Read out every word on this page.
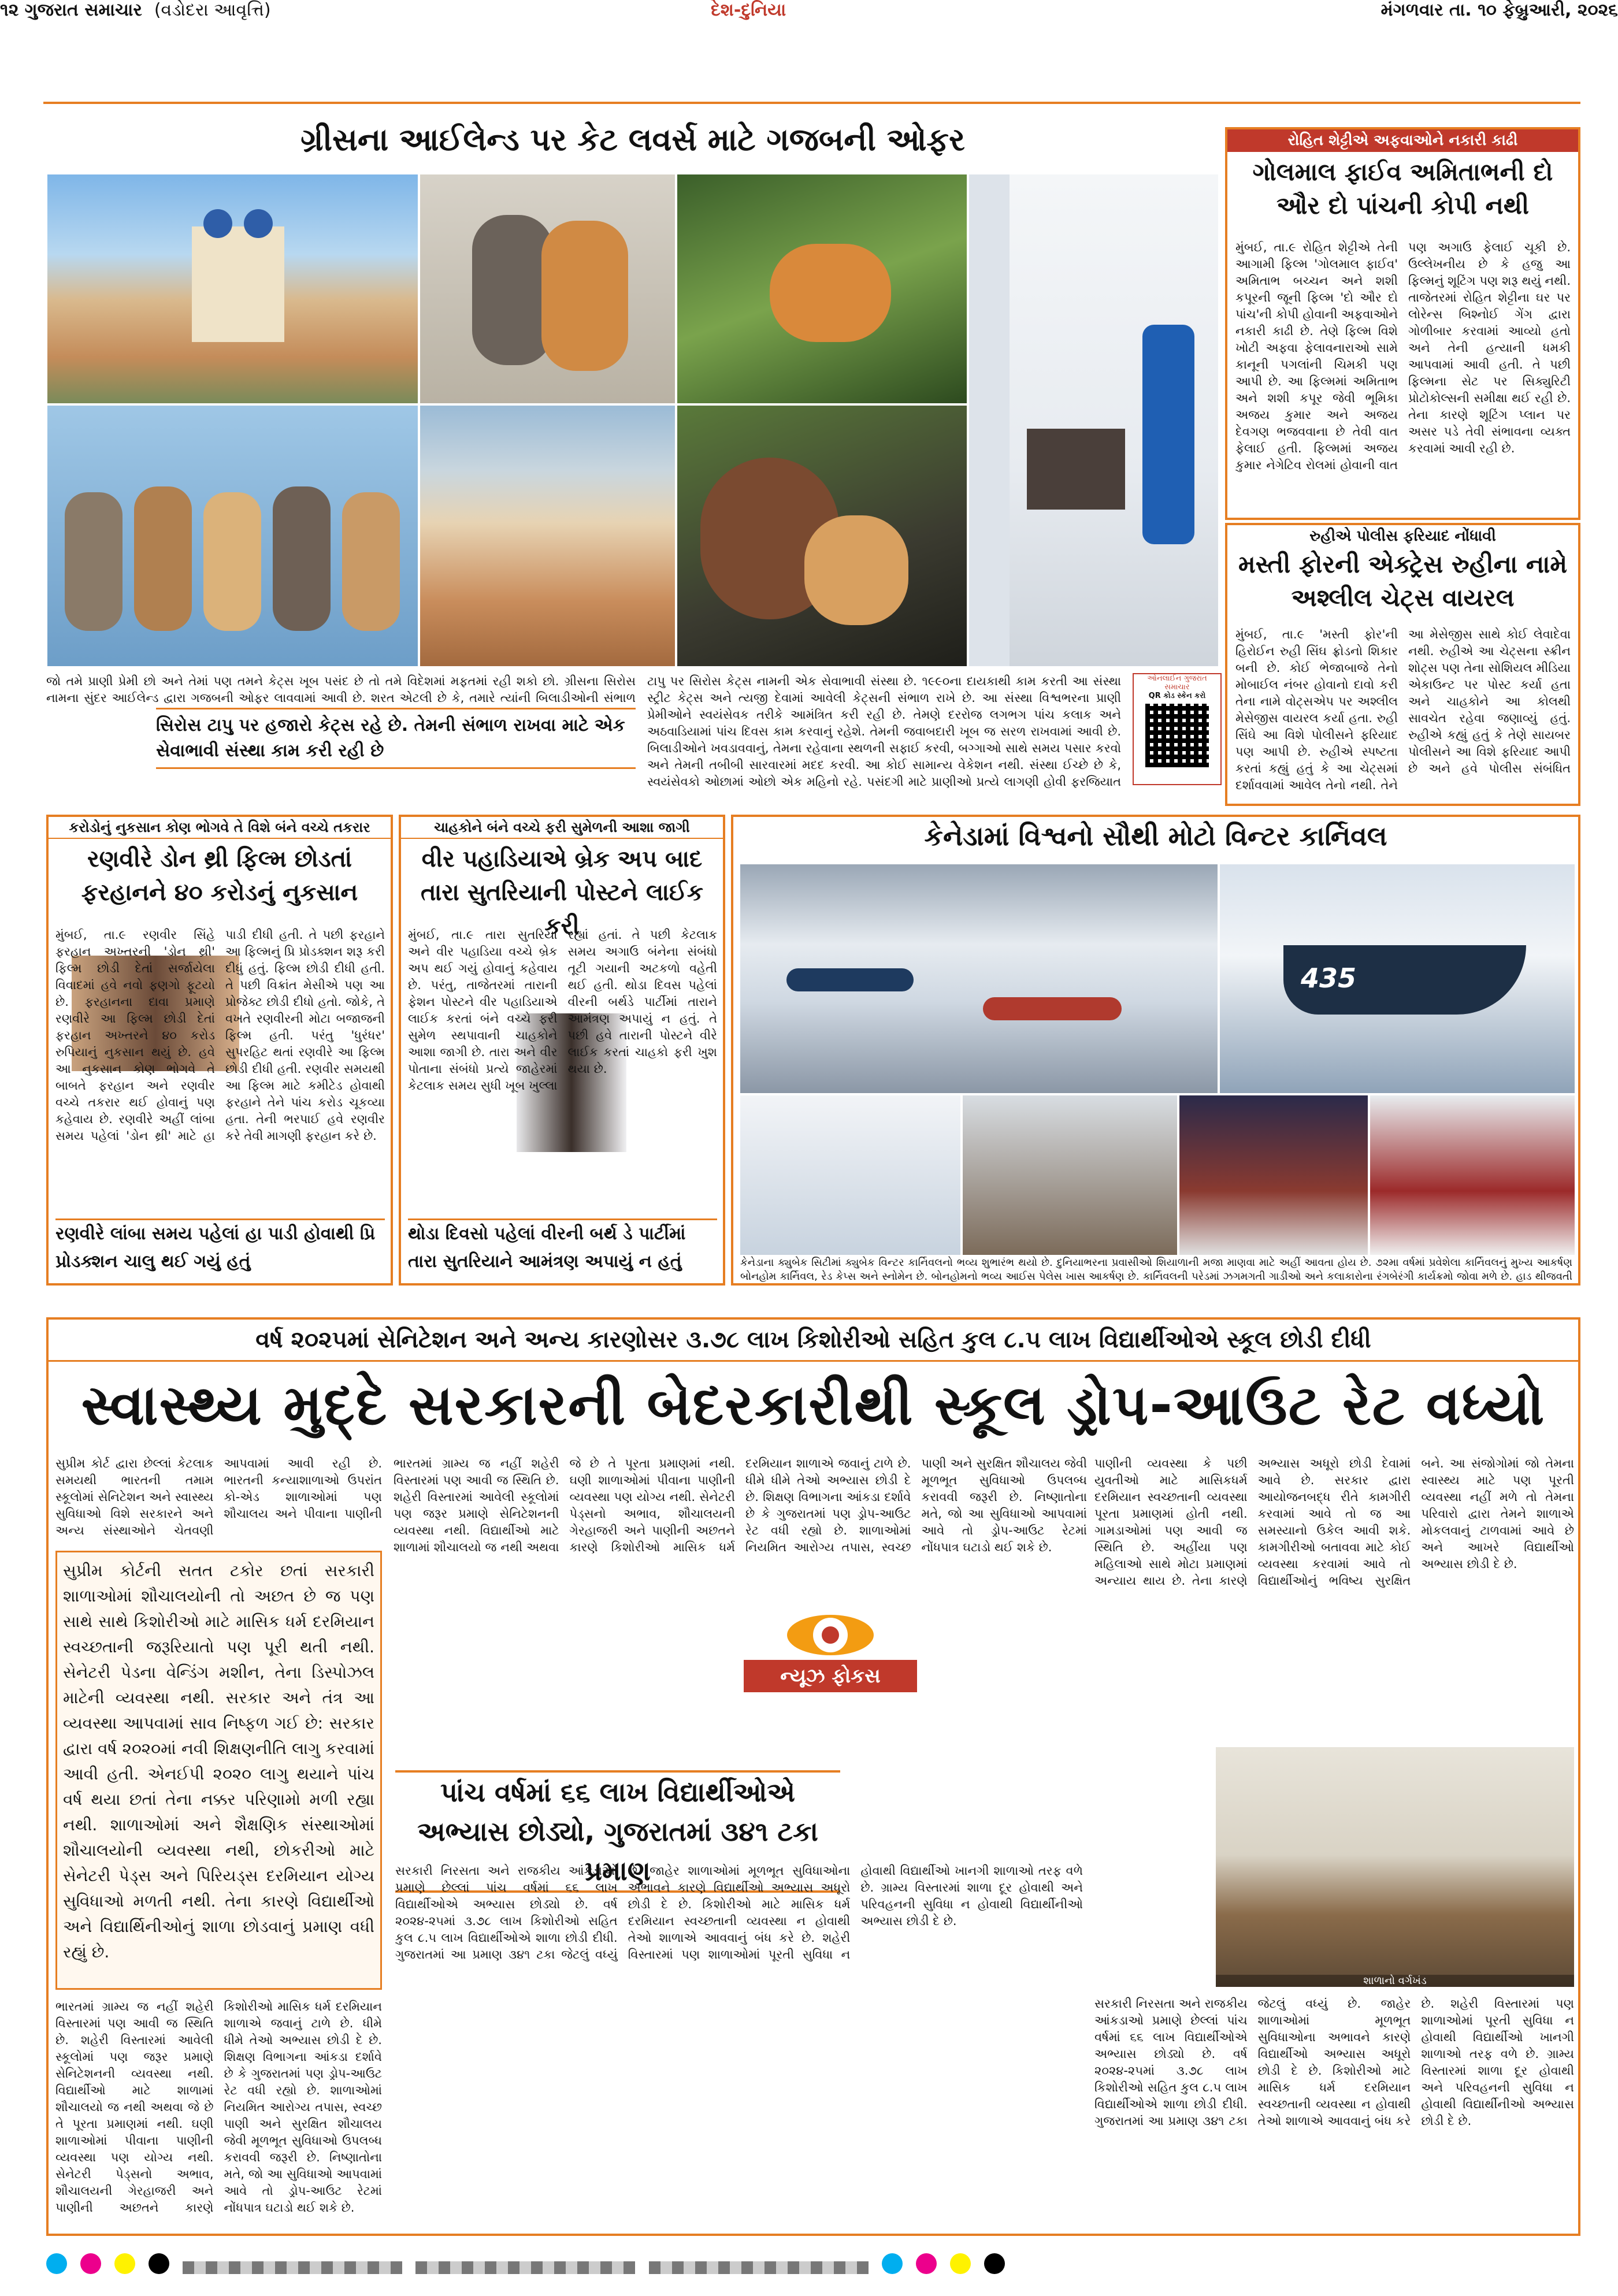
૧૨ ગુજરાત સમાચાર (વડોદરા આવૃત્તિ)	દેશ-દુનિયા	મંગળવાર તા. ૧૦ ફેબ્રુઆરી, ૨૦૨૬
ગ્રીસના આઈલેન્ડ પર કેટ લવર્સ માટે ગજબની ઓફર
જો તમે પ્રાણી પ્રેમી છો અને તેમાં પણ તમને કેટ્સ ખૂબ પસંદ છે તો તમે વિદેશમાં મફતમાં રહી શકો છો. ગ્રીસના સિરોસ નામના સુંદર આઈલેન્ડ દ્વારા ગજબની ઓફર લાવવામાં આવી છે. શરત એટલી છે કે, તમારે ત્યાંની બિલાડીઓની સંભાળ
સિરોસ ટાપુ પર હજારો કેટ્સ રહે છે. તેમની સંભાળ રાખવા માટે એક સેવાભાવી સંસ્થા કામ કરી રહી છે
ટાપુ પર સિરોસ કેટ્સ નામની એક સેવાભાવી સંસ્થા છે. ૧૯૯૦ના દાયકાથી કામ કરતી આ સંસ્થા સ્ટ્રીટ કેટ્સ અને ત્યજી દેવામાં આવેલી કેટ્સની સંભાળ રાખે છે. આ સંસ્થા વિશ્વભરના પ્રાણી પ્રેમીઓને સ્વયંસેવક તરીકે આમંત્રિત કરી રહી છે. તેમણે દરરોજ લગભગ પાંચ કલાક અને અઠવાડિયામાં પાંચ દિવસ કામ કરવાનું રહેશે. તેમની જવાબદારી ખૂબ જ સરળ રાખવામાં આવી છે. બિલાડીઓને ખવડાવવાનું, તેમના રહેવાના સ્થળની સફાઈ કરવી, બગ્ગાઓ સાથે સમય પસાર કરવો અને તેમની તબીબી સારવારમાં મદદ કરવી. આ કોઈ સામાન્ય વેકેશન નથી. સંસ્થા ઈચ્છે છે કે, સ્વયંસેવકો ઓછામાં ઓછો એક મહિનો રહે. પસંદગી માટે પ્રાણીઓ પ્રત્યે લાગણી હોવી ફરજિયાત
ઓનલાઈન ગુજરાત સમાચાર
QR કોડ સ્કેન કરો
રોહિત શેટ્ટીએ અફવાઓને નકારી કાઢી
ગોલમાલ ફાઈવ અમિતાભની દો ઔર દો પાંચની કોપી નથી
મુંબઈ, તા.૯ રોહિત શેટ્ટીએ તેની આગામી ફિલ્મ 'ગોલમાલ ફાઈવ' અમિતાભ બચ્ચન અને શશી કપૂરની જૂની ફિલ્મ 'દો ઔર દો પાંચ'ની કોપી હોવાની અફવાઓને નકારી કાઢી છે. તેણે ફિલ્મ વિશે ખોટી અફવા ફેલાવનારાઓ સામે કાનૂની પગલાંની ચિમકી પણ આપી છે. આ ફિલ્મમાં અમિતાભ અને શશી કપૂર જેવી ભૂમિકા અજય કુમાર અને અજય દેવગણ ભજવવાના છે તેવી વાત ફેલાઈ હતી. ફિલ્મમાં અજય કુમાર નેગેટિવ રોલમાં હોવાની વાત પણ અગાઉ ફેલાઈ ચૂકી છે. ઉલ્લેખનીય છે કે હજુ આ ફિલ્મનું શૂટિંગ પણ શરૂ થયું નથી. તાજેતરમાં રોહિત શેટ્ટીના ઘર પર લોરેન્સ બિશ્નોઈ ગેંગ દ્વારા ગોળીબાર કરવામાં આવ્યો હતો અને તેની હત્યાની ધમકી આપવામાં આવી હતી. તે પછી ફિલ્મના સેટ પર સિક્યુરિટી પ્રોટોકોલ્સની સમીક્ષા થઈ રહી છે. તેના કારણે શૂટિંગ પ્લાન પર અસર પડે તેવી સંભાવના વ્યક્ત કરવામાં આવી રહી છે.
રુહીએ પોલીસ ફરિયાદ નોંધાવી
મસ્તી ફોરની એક્ટ્રેસ રુહીના નામે અશ્લીલ ચેટ્સ વાયરલ
મુંબઈ, તા.૯ 'મસ્તી ફોર'ની હિરોઈન રુહી સિંઘ ફ્રોડનો શિકાર બની છે. કોઈ ભેજાબાજે તેનો મોબાઈલ નંબર હોવાનો દાવો કરી તેના નામે વોટ્સએપ પર અશ્લીલ મેસેજીસ વાયરલ કર્યા હતા. રુહી સિંઘે આ વિશે પોલીસને ફરિયાદ પણ આપી છે. રુહીએ સ્પષ્ટતા કરતાં કહ્યું હતું કે આ ચેટ્સમાં દર્શાવવામાં આવેલ તેનો નથી. તેને આ મેસેજીસ સાથે કોઈ લેવાદેવા નથી. રુહીએ આ ચેટ્સના સ્ક્રીન શોટ્સ પણ તેના સોશિયલ મીડિયા એકાઉન્ટ પર પોસ્ટ કર્યા હતા અને ચાહકોને આ કોલથી સાવચેત રહેવા જણાવ્યું હતું. રુહીએ કહ્યું હતું કે તેણે સાયબર પોલીસને આ વિશે ફરિયાદ આપી છે અને હવે પોલીસ સંબંધિત
કરોડોનું નુકસાન કોણ ભોગવે તે વિશે બંને વચ્ચે તકરાર
રણવીરે ડોન થ્રી ફિલ્મ છોડતાં ફરહાનને ૪૦ કરોડનું નુકસાન
મુંબઈ, તા.૯ રણવીર સિંહે ફરહાન અખ્તરની 'ડોન થ્રી' ફિલ્મ છોડી દેતાં સર્જાયેલા વિવાદમાં હવે નવો ફણગો ફૂટયો છે. ફરહાનના દાવા પ્રમાણે રણવીરે આ ફિલ્મ છોડી દેતાં ફરહાન અખ્તરને ૪૦ કરોડ રુપિયાનું નુકસાન થયું છે. હવે આ નુકસાન કોણ ભોગવે તે બાબતે ફરહાન અને રણવીર વચ્ચે તકરાર થઈ હોવાનું પણ કહેવાય છે. રણવીરે અહીં લાંબા સમય પહેલાં 'ડોન થ્રી' માટે હા પાડી દીધી હતી. તે પછી ફરહાને આ ફિલ્મનું પ્રિ પ્રોડક્શન શરૂ કરી દીધું હતું. ફિલ્મ છોડી દીધી હતી. તે પછી વિક્રાંત મેસીએ પણ આ પ્રોજેક્ટ છોડી દીધો હતો. જોકે, તે વખતે રણવીરની મોટા બજાજની ફિલ્મ હતી. પરંતુ 'ધુરંધર' સુપરહિટ થતાં રણવીરે આ ફિલ્મ છોડી દીધી હતી. રણવીર સમયથી આ ફિલ્મ માટે કમીટેડ હોવાથી ફરહાને તેને પાંચ કરોડ ચૂકવ્યા હતા. તેની ભરપાઈ હવે રણવીર કરે તેવી માગણી ફરહાન કરે છે.
રણવીરે લાંબા સમય પહેલાં હા પાડી હોવાથી પ્રિ પ્રોડક્શન ચાલુ થઈ ગયું હતું
ચાહકોને બંને વચ્ચે ફરી સુમેળની આશા જાગી
વીર પહાડિયાએ બ્રેક અપ બાદ તારા સુતરિયાની પોસ્ટને લાઈક કરી
મુંબઈ, તા.૯ તારા સુતરિયા અને વીર પહાડિયા વચ્ચે બ્રેક અપ થઈ ગયું હોવાનું કહેવાય છે. પરંતુ, તાજેતરમાં તારાની ફેશન પોસ્ટને વીર પહાડિયાએ લાઈક કરતાં બંને વચ્ચે ફરી સુમેળ સ્થપાવાની ચાહકોને આશા જાગી છે. તારા અને વીર પોતાના સંબંધો પ્રત્યે જાહેરમાં કેટલાક સમય સુધી ખૂબ ખુલ્લા રહ્યાં હતાં. તે પછી કેટલાક સમય અગાઉ બંનેના સંબંધો તૂટી ગયાની અટકળો વહેતી થઈ હતી. થોડા દિવસ પહેલાં વીરની બર્થડે પાર્ટીમાં તારાને આમંત્રણ અપાયું ન હતું. તે પછી હવે તારાની પોસ્ટને વીરે લાઈક કરતાં ચાહકો ફરી ખુશ થયા છે.
થોડા દિવસો પહેલાં વીરની બર્થ ડે પાર્ટીમાં તારા સુતરિયાને આમંત્રણ અપાયું ન હતું
કેનેડામાં વિશ્વનો સૌથી મોટો વિન્ટર કાર્નિવલ
435
કેનેડાના ક્યુબેક સિટીમાં ક્યુબેક વિન્ટર કાર્નિવલનો ભવ્ય શુભારંભ થયો છે. દુનિયાભરના પ્રવાસીઓ શિયાળાની મજા માણવા માટે અહીં આવતા હોય છે. ૭૨મા વર્ષમાં પ્રવેશેલા કાર્નિવલનું મુખ્ય આકર્ષણ બોનહોમ કાર્નિવલ, રેડ કેપ્સ અને સ્નોમેન છે. બોનહોમનો ભવ્ય આઈસ પેલેસ ખાસ આકર્ષણ છે. કાર્નિવલની પરેડમાં ઝગમગતી ગાડીઓ અને કલાકારોના રંગબેરંગી કાર્યક્રમો જોવા મળે છે. હાડ થીજવતી
વર્ષ ૨૦૨૫માં સેનિટેશન અને અન્ય કારણોસર ૩.૭૮ લાખ કિશોરીઓ સહિત કુલ ૮.૫ લાખ વિદ્યાર્થીઓએ સ્કૂલ છોડી દીધી
સ્વાસ્થ્ય મુદ્દે સરકારની બેદરકારીથી સ્કૂલ ડ્રોપ-આઉટ રેટ વધ્યો
સુપ્રીમ કોર્ટ દ્વારા છેલ્લાં કેટલાક સમયથી ભારતની તમામ સ્કૂલોમાં સેનિટેશન અને સ્વાસ્થ્ય સુવિધાઓ વિશે સરકારને અને અન્ય સંસ્થાઓને ચેતવણી આપવામાં આવી રહી છે. ભારતની કન્યાશાળાઓ ઉપરાંત કો-એડ શાળાઓમાં પણ શૌચાલય અને પીવાના પાણીની
સુપ્રીમ કોર્ટની સતત ટકોર છતાં સરકારી શાળાઓમાં શૌચાલયોની તો અછત છે જ પણ સાથે સાથે કિશોરીઓ માટે માસિક ધર્મ દરમિયાન સ્વચ્છતાની જરૂરિયાતો પણ પૂરી થતી નથી. સેનેટરી પેડના વેન્ડિંગ મશીન, તેના ડિસ્પોઝલ માટેની વ્યવસ્થા નથી. સરકાર અને તંત્ર આ વ્યવસ્થા આપવામાં સાવ નિષ્ફળ ગઈ છે: સરકાર દ્વારા વર્ષ ૨૦૨૦માં નવી શિક્ષણનીતિ લાગુ કરવામાં આવી હતી. એનઈપી ૨૦૨૦ લાગુ થયાને પાંચ વર્ષ થયા છતાં તેના નક્કર પરિણામો મળી રહ્યા નથી. શાળાઓમાં અને શૈક્ષણિક સંસ્થાઓમાં શૌચાલયોની વ્યવસ્થા નથી, છોકરીઓ માટે સેનેટરી પેડ્સ અને પિરિયડ્સ દરમિયાન યોગ્ય સુવિધાઓ મળતી નથી. તેના કારણે વિદ્યાર્થીઓ અને વિદ્યાર્થિનીઓનું શાળા છોડવાનું પ્રમાણ વધી રહ્યું છે.
ભારતમાં ગ્રામ્ય જ નહીં શહેરી વિસ્તારમાં પણ આવી જ સ્થિતિ છે. શહેરી વિસ્તારમાં આવેલી સ્કૂલોમાં પણ જરૂર પ્રમાણે સેનિટેશનની વ્યવસ્થા નથી. વિદ્યાર્થીઓ માટે શાળામાં શૌચાલયો જ નથી અથવા જે છે તે પૂરતા પ્રમાણમાં નથી. ઘણી શાળાઓમાં પીવાના પાણીની વ્યવસ્થા પણ યોગ્ય નથી. સેનેટરી પેડ્સનો અભાવ, શૌચાલયની ગેરહાજરી અને પાણીની અછતને કારણે કિશોરીઓ માસિક ધર્મ દરમિયાન શાળાએ જવાનું ટાળે છે. ધીમે ધીમે તેઓ અભ્યાસ છોડી દે છે. શિક્ષણ વિભાગના આંકડા દર્શાવે છે કે ગુજરાતમાં પણ ડ્રોપ-આઉટ રેટ વધી રહ્યો છે. શાળાઓમાં નિયમિત આરોગ્ય તપાસ, સ્વચ્છ પાણી અને સુરક્ષિત શૌચાલય જેવી મૂળભૂત સુવિધાઓ ઉપલબ્ધ કરાવવી જરૂરી છે. નિષ્ણાતોના મતે, જો આ સુવિધાઓ આપવામાં આવે તો ડ્રોપ-આઉટ રેટમાં નોંધપાત્ર ઘટાડો થઈ શકે છે.
ભારતમાં ગ્રામ્ય જ નહીં શહેરી વિસ્તારમાં પણ આવી જ સ્થિતિ છે. શહેરી વિસ્તારમાં આવેલી સ્કૂલોમાં પણ જરૂર પ્રમાણે સેનિટેશનની વ્યવસ્થા નથી. વિદ્યાર્થીઓ માટે શાળામાં શૌચાલયો જ નથી અથવા જે છે તે પૂરતા પ્રમાણમાં નથી. ઘણી શાળાઓમાં પીવાના પાણીની વ્યવસ્થા પણ યોગ્ય નથી. સેનેટરી પેડ્સનો અભાવ, શૌચાલયની ગેરહાજરી અને પાણીની અછતને કારણે કિશોરીઓ માસિક ધર્મ દરમિયાન શાળાએ જવાનું ટાળે છે. ધીમે ધીમે તેઓ અભ્યાસ છોડી દે છે. શિક્ષણ વિભાગના આંકડા દર્શાવે છે કે ગુજરાતમાં પણ ડ્રોપ-આઉટ રેટ વધી રહ્યો છે. શાળાઓમાં નિયમિત આરોગ્ય તપાસ, સ્વચ્છ પાણી અને સુરક્ષિત શૌચાલય જેવી મૂળભૂત સુવિધાઓ ઉપલબ્ધ કરાવવી જરૂરી છે. નિષ્ણાતોના મતે, જો આ સુવિધાઓ આપવામાં આવે તો ડ્રોપ-આઉટ રેટમાં નોંધપાત્ર ઘટાડો થઈ શકે છે.
ન્યૂઝ ફોકસ
પાંચ વર્ષમાં ૬૬ લાખ વિદ્યાર્થીઓએ અભ્યાસ છોડ્યો, ગુજરાતમાં ૩૪૧ ટકા પ્રમાણ
સરકારી નિરસતા અને રાજકીય આંકડાઓ પ્રમાણે છેલ્લાં પાંચ વર્ષમાં ૬૬ લાખ વિદ્યાર્થીઓએ અભ્યાસ છોડ્યો છે. વર્ષ ૨૦૨૪-૨૫માં ૩.૭૮ લાખ કિશોરીઓ સહિત કુલ ૮.૫ લાખ વિદ્યાર્થીઓએ શાળા છોડી દીધી. ગુજરાતમાં આ પ્રમાણ ૩૪૧ ટકા જેટલું વધ્યું છે. જાહેર શાળાઓમાં મૂળભૂત સુવિધાઓના અભાવને કારણે વિદ્યાર્થીઓ અભ્યાસ અધૂરો છોડી દે છે. કિશોરીઓ માટે માસિક ધર્મ દરમિયાન સ્વચ્છતાની વ્યવસ્થા ન હોવાથી તેઓ શાળાએ આવવાનું બંધ કરે છે. શહેરી વિસ્તારમાં પણ શાળાઓમાં પૂરતી સુવિધા ન હોવાથી વિદ્યાર્થીઓ ખાનગી શાળાઓ તરફ વળે છે. ગ્રામ્ય વિસ્તારમાં શાળા દૂર હોવાથી અને પરિવહનની સુવિધા ન હોવાથી વિદ્યાર્થીનીઓ અભ્યાસ છોડી દે છે.
પાણીની વ્યવસ્થા કે પછી યુવતીઓ માટે માસિકધર્મ દરમિયાન સ્વચ્છતાની વ્યવસ્થા પૂરતા પ્રમાણમાં હોતી નથી. ગામડાઓમાં પણ આવી જ સ્થિતિ છે. અહીંયા પણ મહિલાઓ સાથે મોટા પ્રમાણમાં અન્યાય થાય છે. તેના કારણે અભ્યાસ અધૂરો છોડી દેવામાં આવે છે. સરકાર દ્વારા આયોજનબદ્ધ રીતે કામગીરી કરવામાં આવે તો જ આ સમસ્યાનો ઉકેલ આવી શકે. કામગીરીઓ બતાવવા માટે કોઈ વ્યવસ્થા કરવામાં આવે તો વિદ્યાર્થીઓનું ભવિષ્ય સુરક્ષિત બને. આ સંજોગોમાં જો તેમના સ્વાસ્થ્ય માટે પણ પૂરતી વ્યવસ્થા નહીં મળે તો તેમના પરિવારો દ્વારા તેમને શાળાએ મોકલવાનું ટાળવામાં આવે છે અને આખરે વિદ્યાર્થીઓ અભ્યાસ છોડી દે છે.
શાળાનો વર્ગખંડ
સરકારી નિરસતા અને રાજકીય આંકડાઓ પ્રમાણે છેલ્લાં પાંચ વર્ષમાં ૬૬ લાખ વિદ્યાર્થીઓએ અભ્યાસ છોડ્યો છે. વર્ષ ૨૦૨૪-૨૫માં ૩.૭૮ લાખ કિશોરીઓ સહિત કુલ ૮.૫ લાખ વિદ્યાર્થીઓએ શાળા છોડી દીધી. ગુજરાતમાં આ પ્રમાણ ૩૪૧ ટકા જેટલું વધ્યું છે. જાહેર શાળાઓમાં મૂળભૂત સુવિધાઓના અભાવને કારણે વિદ્યાર્થીઓ અભ્યાસ અધૂરો છોડી દે છે. કિશોરીઓ માટે માસિક ધર્મ દરમિયાન સ્વચ્છતાની વ્યવસ્થા ન હોવાથી તેઓ શાળાએ આવવાનું બંધ કરે છે. શહેરી વિસ્તારમાં પણ શાળાઓમાં પૂરતી સુવિધા ન હોવાથી વિદ્યાર્થીઓ ખાનગી શાળાઓ તરફ વળે છે. ગ્રામ્ય વિસ્તારમાં શાળા દૂર હોવાથી અને પરિવહનની સુવિધા ન હોવાથી વિદ્યાર્થીનીઓ અભ્યાસ છોડી દે છે.
